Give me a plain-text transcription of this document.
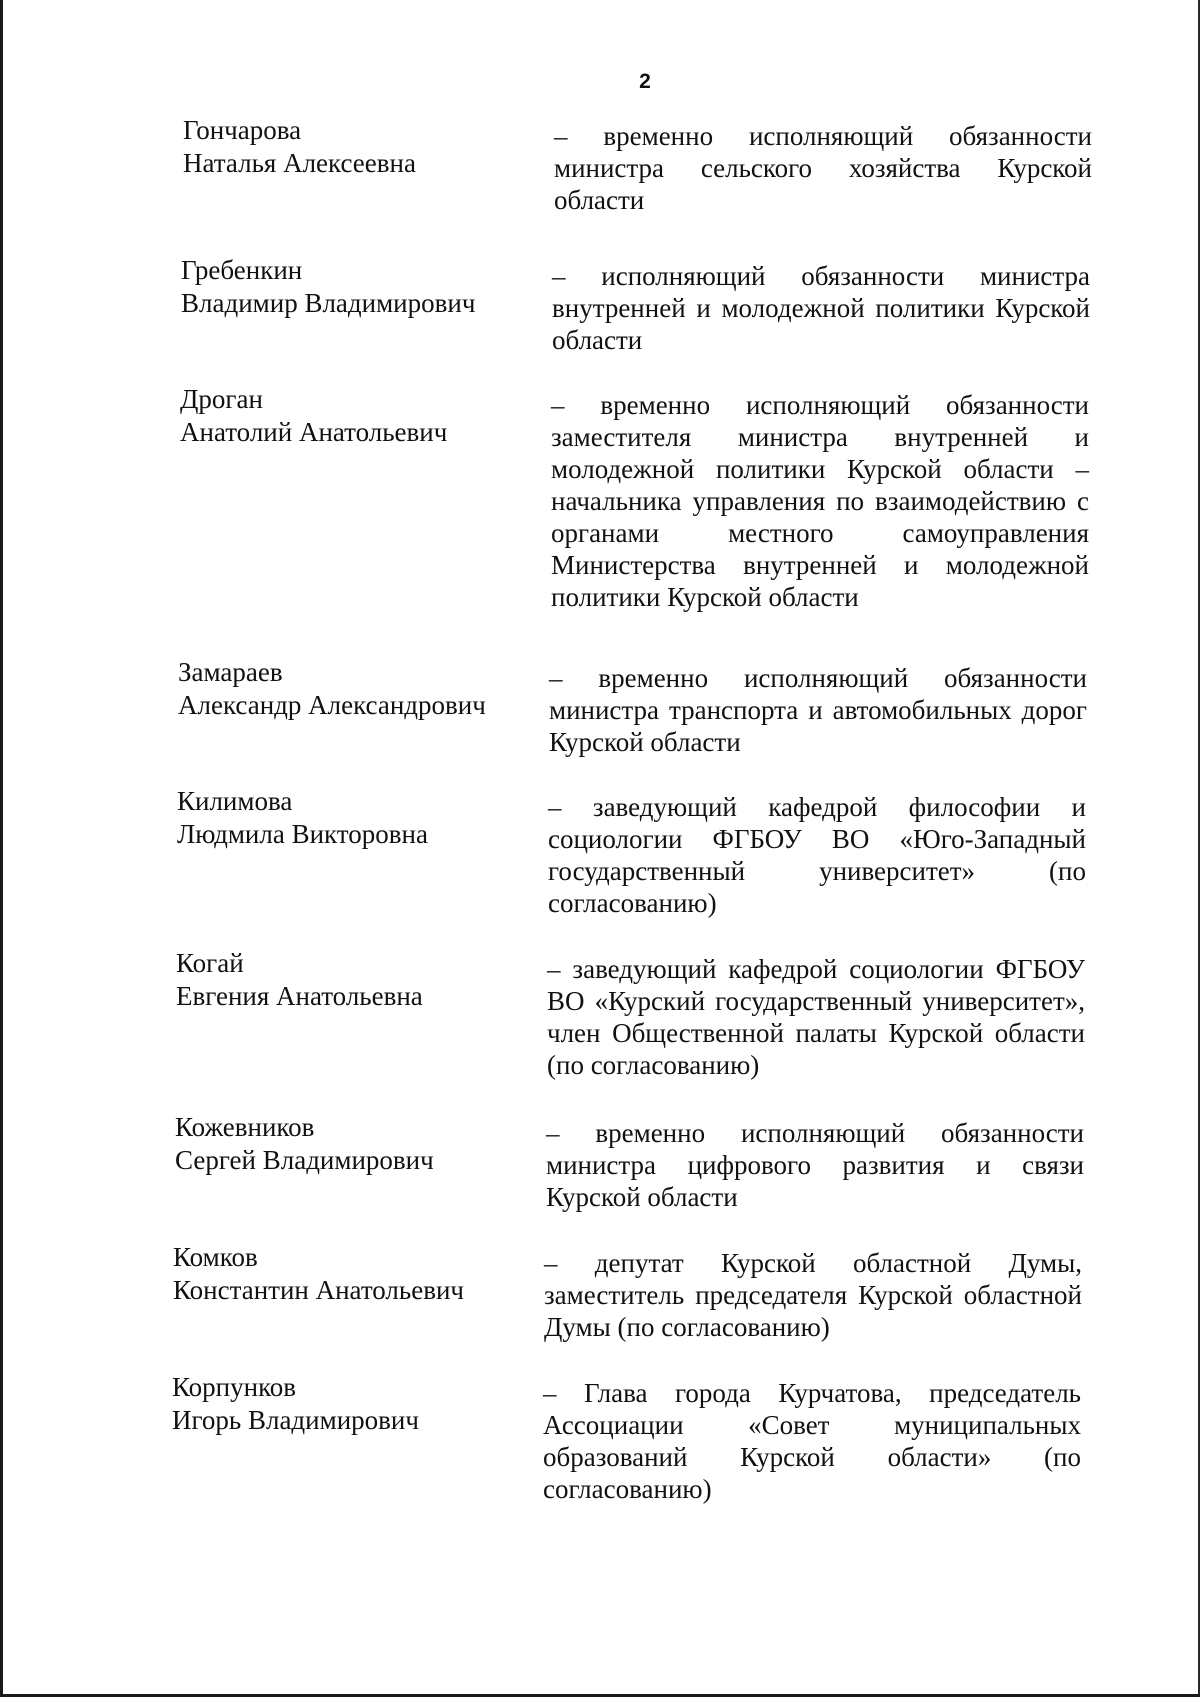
2
Гончарова
Наталья Алексеевна
– временно исполняющий обязанности министра сельского хозяйства Курской области
Гребенкин
Владимир Владимирович
– исполняющий обязанности министра внутренней и молодежной политики Курской области
Дроган
Анатолий Анатольевич
– временно исполняющий обязанности заместителя министра внутренней и молодежной политики Курской области – начальника управления по взаимодействию с органами местного самоуправления Министерства внутренней и молодежной политики Курской области
Замараев
Александр Александрович
– временно исполняющий обязанности министра транспорта и автомобильных дорог Курской области
Килимова
Людмила Викторовна
– заведующий кафедрой философии и социологии ФГБОУ ВО «Юго-Западный государственный университет» (по согласованию)
Когай
Евгения Анатольевна
– заведующий кафедрой социологии ФГБОУ ВО «Курский государственный университет», член Общественной палаты Курской области (по согласованию)
Кожевников
Сергей Владимирович
– временно исполняющий обязанности министра цифрового развития и связи Курской области
Комков
Константин Анатольевич
– депутат Курской областной Думы, заместитель председателя Курской областной Думы (по согласованию)
Корпунков
Игорь Владимирович
– Глава города Курчатова, председатель Ассоциации «Совет муниципальных образований Курской области» (по согласованию)
